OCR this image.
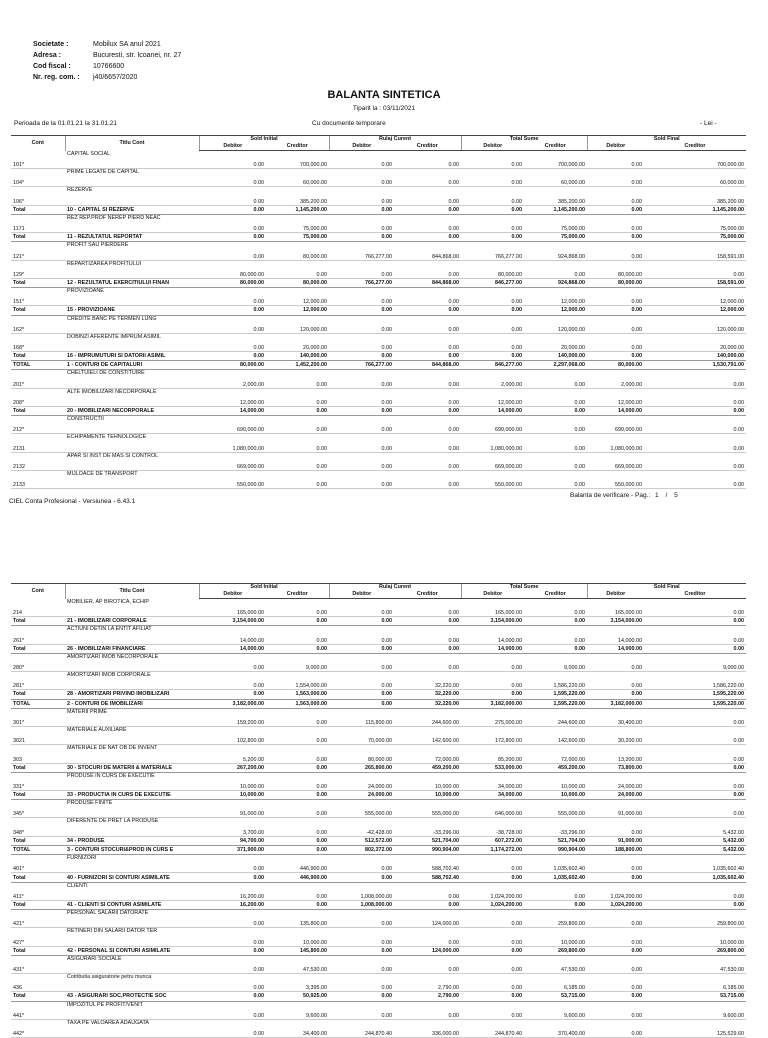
Societate :	Mobilux SA anul 2021
Adresa :	Bucuresti, str. Icoanei, nr. 27
Cod fiscal :	10766600
Nr. reg. com. : j40/6657/2020
BALANTA SINTETICA
Tiparit la : 03/11/2021
Perioada de la 01.01.21 la 31.01.21	Cu documente temporare	- Lei -
Cont	Titlu Cont	Sold Initial		Rulaj Curent		Total Sume		Sold Final	
		Debitor	Creditor	Debitor	Creditor	Debitor	Creditor	Debitor	Creditor
101*	CAPITAL SOCIAL	0.00	700,000.00	0.00	0.00	0.00	700,000.00	0.00	700,000.00
104*	PRIME LEGATE DE CAPITAL	0.00	60,000.00	0.00	0.00	0.00	60,000.00	0.00	60,000.00
106*	REZERVE	0.00	385,200.00	0.00	0.00	0.00	385,200.00	0.00	385,200.00
Total	10 - CAPITAL SI REZERVE	0.00	1,145,200.00	0.00	0.00	0.00	1,145,200.00	0.00	1,145,200.00
1171	REZ REP.PROF NEREP PIERD NEAC	0.00	75,000.00	0.00	0.00	0.00	75,000.00	0.00	75,000.00
Total	11 - REZULTATUL REPORTAT	0.00	75,000.00	0.00	0.00	0.00	75,000.00	0.00	75,000.00
121*	PROFIT SAU PIERDERE	0.00	80,000.00	766,277.00	844,868.00	766,277.00	924,868.00	0.00	158,591.00
129*	REPARTIZAREA PROFITULUI	80,000.00	0.00	0.00	0.00	80,000.00	0.00	80,000.00	0.00
Total	12 - REZULTATUL EXERCITIULUI FINAN	80,000.00	80,000.00	766,277.00	844,868.00	846,277.00	924,868.00	80,000.00	158,591.00
151*	PROVIZIOANE	0.00	12,000.00	0.00	0.00	0.00	12,000.00	0.00	12,000.00
Total	15 - PROVIZIOANE	0.00	12,000.00	0.00	0.00	0.00	12,000.00	0.00	12,000.00
162*	CREDITE BANC PE TERMEN LUNG	0.00	120,000.00	0.00	0.00	0.00	120,000.00	0.00	120,000.00
168*	DOBINZI AFERENTE IMPRUM ASIMIL	0.00	20,000.00	0.00	0.00	0.00	20,000.00	0.00	20,000.00
Total	16 - IMPRUMUTURI SI DATORII ASIMIL	0.00	140,000.00	0.00	0.00	0.00	140,000.00	0.00	140,000.00
TOTAL	1 - CONTURI DE CAPITALURI	80,000.00	1,452,200.00	766,277.00	844,868.00	846,277.00	2,297,068.00	80,000.00	1,530,791.00
201*	CHELTUIELI DE CONSTITUIRE	2,000.00	0.00	0.00	0.00	2,000.00	0.00	2,000.00	0.00
208*	ALTE IMOBILIZARI NECORPORALE	12,000.00	0.00	0.00	0.00	12,000.00	0.00	12,000.00	0.00
Total	20 - IMOBILIZARI NECORPORALE	14,000.00	0.00	0.00	0.00	14,000.00	0.00	14,000.00	0.00
212*	CONSTRUCTII	690,000.00	0.00	0.00	0.00	690,000.00	0.00	690,000.00	0.00
2131	ECHIPAMENTE TEHNOLOGICE	1,080,000.00	0.00	0.00	0.00	1,080,000.00	0.00	1,080,000.00	0.00
2132	APAR SI INST DE MAS SI CONTROL	669,000.00	0.00	0.00	0.00	669,000.00	0.00	669,000.00	0.00
2133	MIJLOACE DE TRANSPORT	550,000.00	0.00	0.00	0.00	550,000.00	0.00	550,000.00	0.00
CIEL Conta Profesional - Versiunea - 6.43.1
Balanta de verificare - Pag.: 1 / 5
Cont	Titlu Cont	Sold Initial		Rulaj Curent		Total Sume		Sold Final	
		Debitor	Creditor	Debitor	Creditor	Debitor	Creditor	Debitor	Creditor
214	MOBILIER, AP BIROTICA, ECHIP	165,000.00	0.00	0.00	0.00	165,000.00	0.00	165,000.00	0.00
Total	21 - IMOBILIZARI CORPORALE	3,154,000.00	0.00	0.00	0.00	3,154,000.00	0.00	3,154,000.00	0.00
261*	ACTIUNI DETIN LA ENTIT AFILIAT	14,000.00	0.00	0.00	0.00	14,000.00	0.00	14,000.00	0.00
Total	26 - IMOBILIZARI FINANCIARE	14,000.00	0.00	0.00	0.00	14,000.00	0.00	14,000.00	0.00
280*	AMORTIZARI IMOB NECORPORALE	0.00	9,000.00	0.00	0.00	0.00	9,000.00	0.00	9,000.00
281*	AMORTIZARI IMOB CORPORALE	0.00	1,554,000.00	0.00	32,220.00	0.00	1,586,220.00	0.00	1,586,220.00
Total	28 - AMORTIZARI PRIVIND IMOBILIZARI	0.00	1,563,000.00	0.00	32,220.00	0.00	1,595,220.00	0.00	1,595,220.00
TOTAL	2 - CONTURI DE IMOBILIZARI	3,182,000.00	1,563,000.00	0.00	32,220.00	3,182,000.00	1,595,220.00	3,182,000.00	1,595,220.00
301*	MATERII PRIME	159,200.00	0.00	115,800.00	244,600.00	275,000.00	244,600.00	30,400.00	0.00
3021	MATERIALE AUXILIARE	102,800.00	0.00	70,000.00	142,600.00	172,800.00	142,600.00	30,200.00	0.00
303	MATERIALE DE NAT OB DE INVENT	5,200.00	0.00	80,000.00	72,000.00	85,200.00	72,000.00	13,200.00	0.00
Total	30 - STOCURI DE MATERII & MATERIALE	267,200.00	0.00	265,800.00	459,200.00	533,000.00	459,200.00	73,800.00	0.00
331*	PRODUSE IN CURS DE EXECUTIE	10,000.00	0.00	24,000.00	10,000.00	34,000.00	10,000.00	24,000.00	0.00
Total	33 - PRODUCTIA IN CURS DE EXECUTIE	10,000.00	0.00	24,000.00	10,000.00	34,000.00	10,000.00	24,000.00	0.00
345*	PRODUSE FINITE	91,000.00	0.00	555,000.00	555,000.00	646,000.00	555,000.00	91,000.00	0.00
348*	DIFERENTE DE PRET LA PRODUSE	3,700.00	0.00	-42,428.00	-33,296.00	-38,728.00	-33,296.00	0.00	5,432.00
Total	34 - PRODUSE	94,700.00	0.00	512,572.00	521,704.00	607,272.00	521,704.00	91,000.00	5,432.00
TOTAL	3 - CONTURI STOCURI&PROD IN CURS E	371,900.00	0.00	802,372.00	990,904.00	1,174,272.00	990,904.00	188,800.00	5,432.00
401*	FURNIZORI	0.00	446,900.00	0.00	588,702.40	0.00	1,035,602.40	0.00	1,035,602.40
Total	40 - FURNIZORI SI CONTURI ASIMILATE	0.00	446,900.00	0.00	588,702.40	0.00	1,035,602.40	0.00	1,035,602.40
411*	CLIENTI	16,200.00	0.00	1,008,000.00	0.00	1,024,200.00	0.00	1,024,200.00	0.00
Total	41 - CLIENTI SI CONTURI ASIMILATE	16,200.00	0.00	1,008,000.00	0.00	1,024,200.00	0.00	1,024,200.00	0.00
421*	PERSONAL SALARII DATORATE	0.00	135,800.00	0.00	124,000.00	0.00	259,800.00	0.00	259,800.00
427*	RETINERI DIN SALARII DATOR TER	0.00	10,000.00	0.00	0.00	0.00	10,000.00	0.00	10,000.00
Total	42 - PERSONAL SI CONTURI ASIMILATE	0.00	145,800.00	0.00	124,000.00	0.00	269,800.00	0.00	269,800.00
431*	ASIGURARI SOCIALE	0.00	47,530.00	0.00	0.00	0.00	47,530.00	0.00	47,530.00
436	Cotributia asiguratorie petru munca	0.00	3,395.00	0.00	2,790.00	0.00	6,185.00	0.00	6,185.00
Total	43 - ASIGURARI SOC,PROTECTIE SOC	0.00	50,925.00	0.00	2,790.00	0.00	53,715.00	0.00	53,715.00
441*	IMPOZITUL PE PROFIT/VENIT	0.00	9,600.00	0.00	0.00	0.00	9,600.00	0.00	9,600.00
442*	TAXA PE VALOAREA ADAUGATA	0.00	34,400.00	244,870.40	336,000.00	244,870.40	370,400.00	0.00	125,529.60
